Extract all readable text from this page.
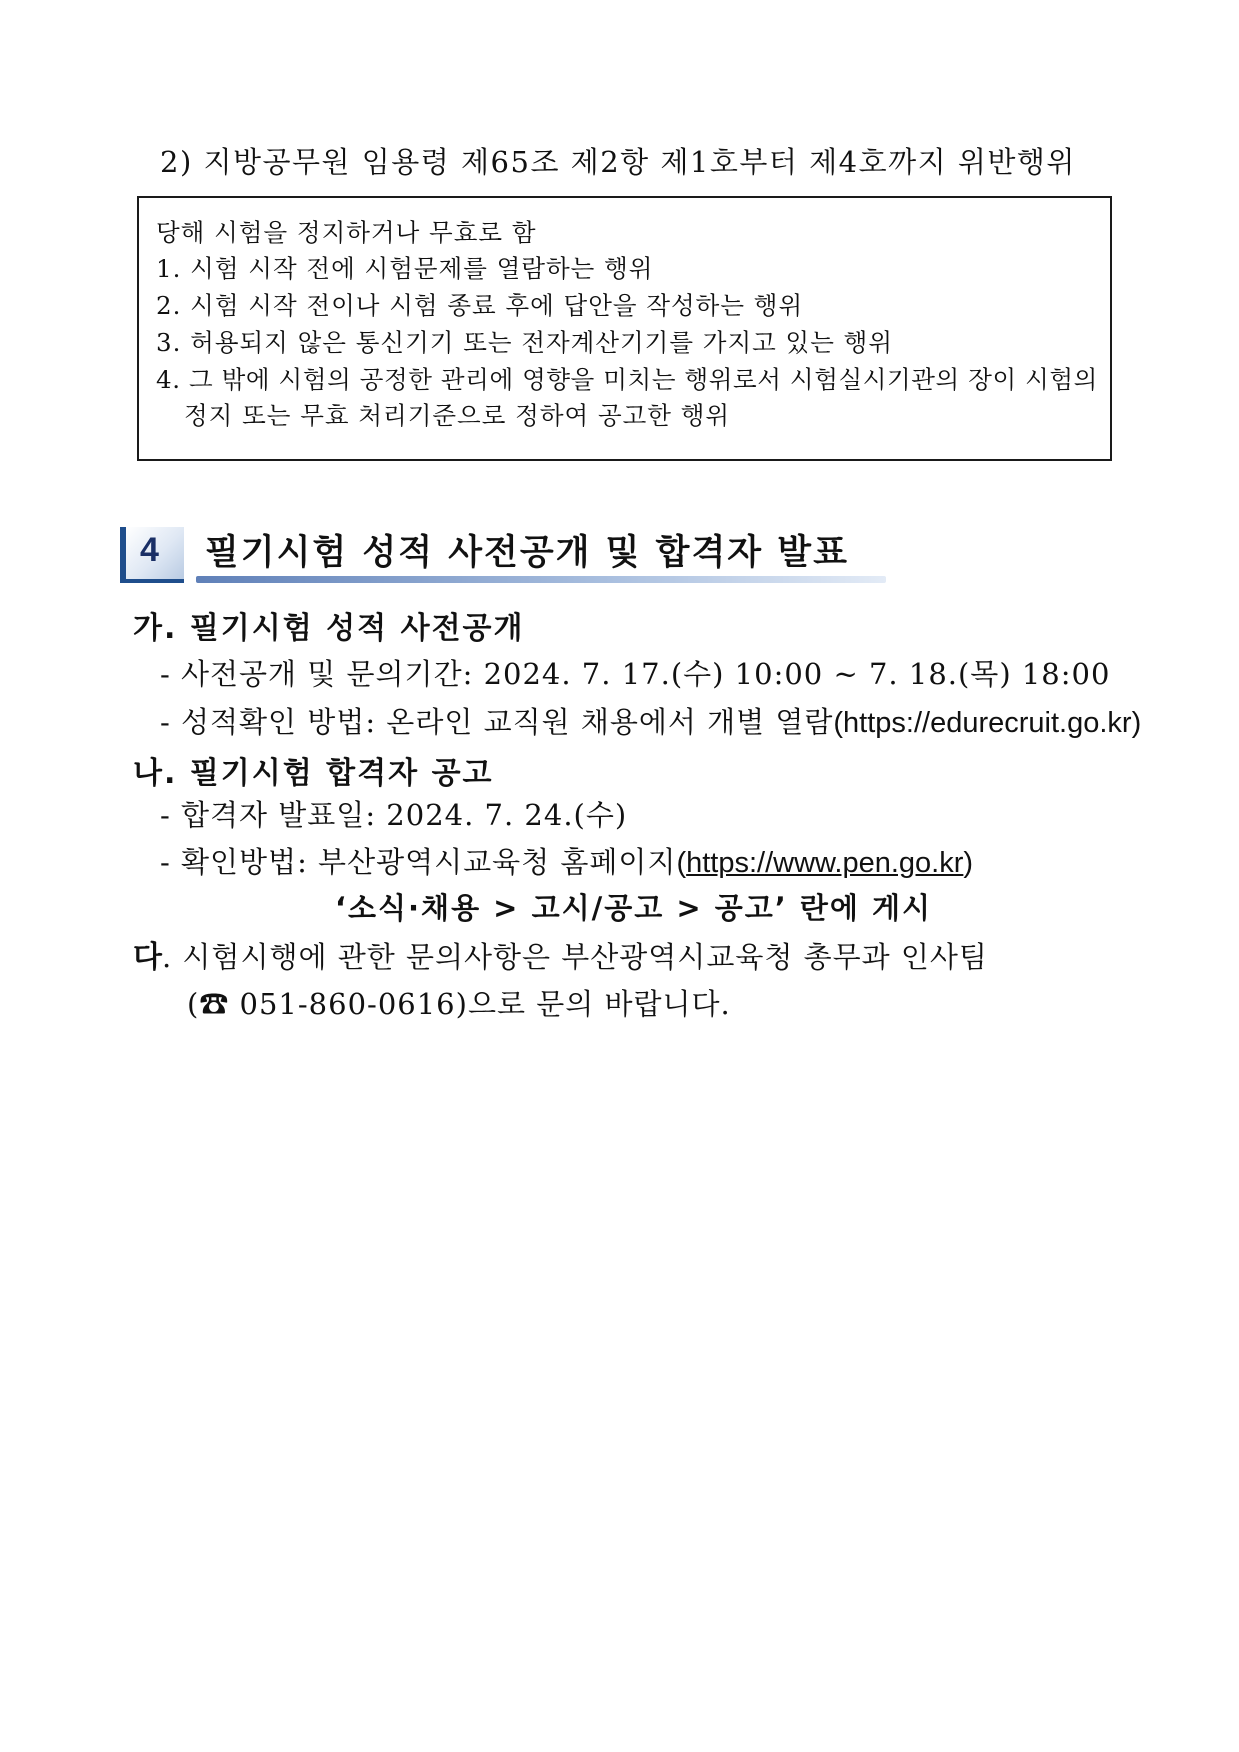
2) 지방공무원 임용령 제65조 제2항 제1호부터 제4호까지 위반행위
당해 시험을 정지하거나 무효로 함
1. 시험 시작 전에 시험문제를 열람하는 행위
2. 시험 시작 전이나 시험 종료 후에 답안을 작성하는 행위
3. 허용되지 않은 통신기기 또는 전자계산기기를 가지고 있는 행위
4. 그 밖에 시험의 공정한 관리에 영향을 미치는 행위로서 시험실시기관의 장이 시험의
정지 또는 무효 처리기준으로 정하여 공고한 행위
4 필기시험 성적 사전공개 및 합격자 발표
가. 필기시험 성적 사전공개
- 사전공개 및 문의기간: 2024. 7. 17.(수) 10:00 ~ 7. 18.(목) 18:00
- 성적확인 방법: 온라인 교직원 채용에서 개별 열람(https://edurecruit.go.kr)
나. 필기시험 합격자 공고
- 합격자 발표일: 2024. 7. 24.(수)
- 확인방법: 부산광역시교육청 홈페이지(https://www.pen.go.kr)
‘소식·채용 > 고시/공고 > 공고’ 란에 게시
다. 시험시행에 관한 문의사항은 부산광역시교육청 총무과 인사팀
(☎ 051-860-0616)으로 문의 바랍니다.
